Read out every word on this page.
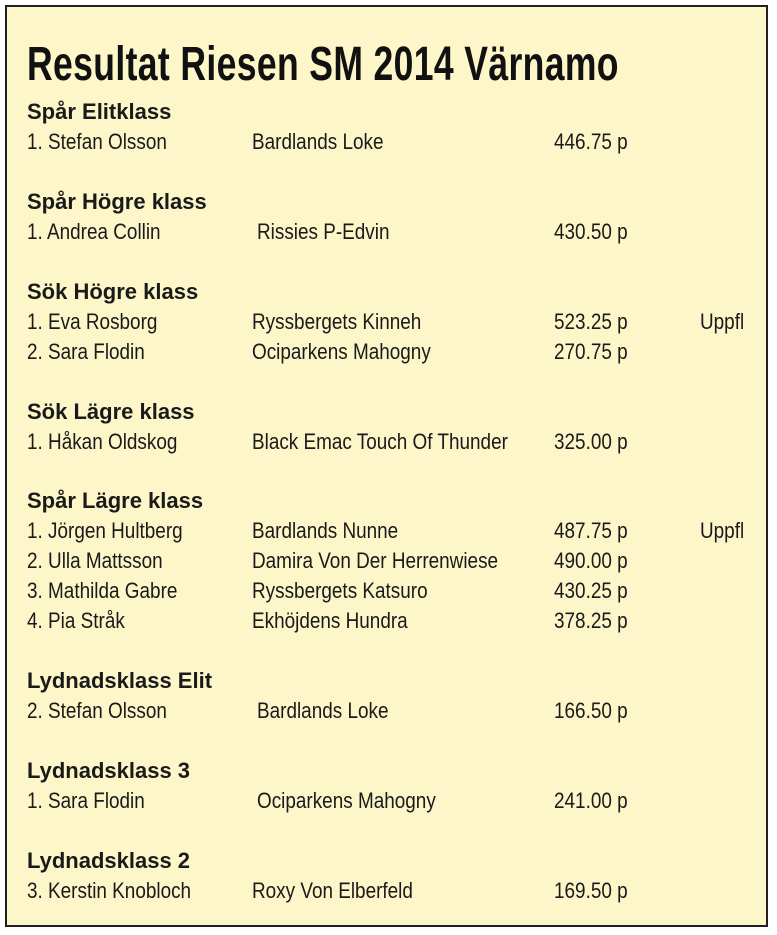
Resultat Riesen SM 2014 Värnamo
Spår Elitklass
1. Stefan Olsson	Bardlands Loke	446.75 p
Spår Högre klass
1. Andrea Collin	Rissies P-Edvin	430.50 p
Sök Högre klass
1. Eva Rosborg	Ryssbergets Kinneh	523.25 p	Uppfl
2. Sara Flodin	Ociparkens Mahogny	270.75 p
Sök Lägre klass
1. Håkan Oldskog	Black Emac Touch Of Thunder 325.00 p
Spår Lägre klass
1. Jörgen Hultberg	Bardlands Nunne	487.75 p	Uppfl
2. Ulla Mattsson	Damira Von Der Herrenwiese	490.00 p
3. Mathilda Gabre	Ryssbergets Katsuro	430.25 p
4. Pia Stråk	Ekhöjdens Hundra	378.25 p
Lydnadsklass Elit
2. Stefan Olsson	Bardlands Loke	166.50 p
Lydnadsklass 3
1. Sara Flodin	Ociparkens Mahogny	241.00 p
Lydnadsklass 2
3. Kerstin Knobloch	Roxy Von Elberfeld	169.50 p
